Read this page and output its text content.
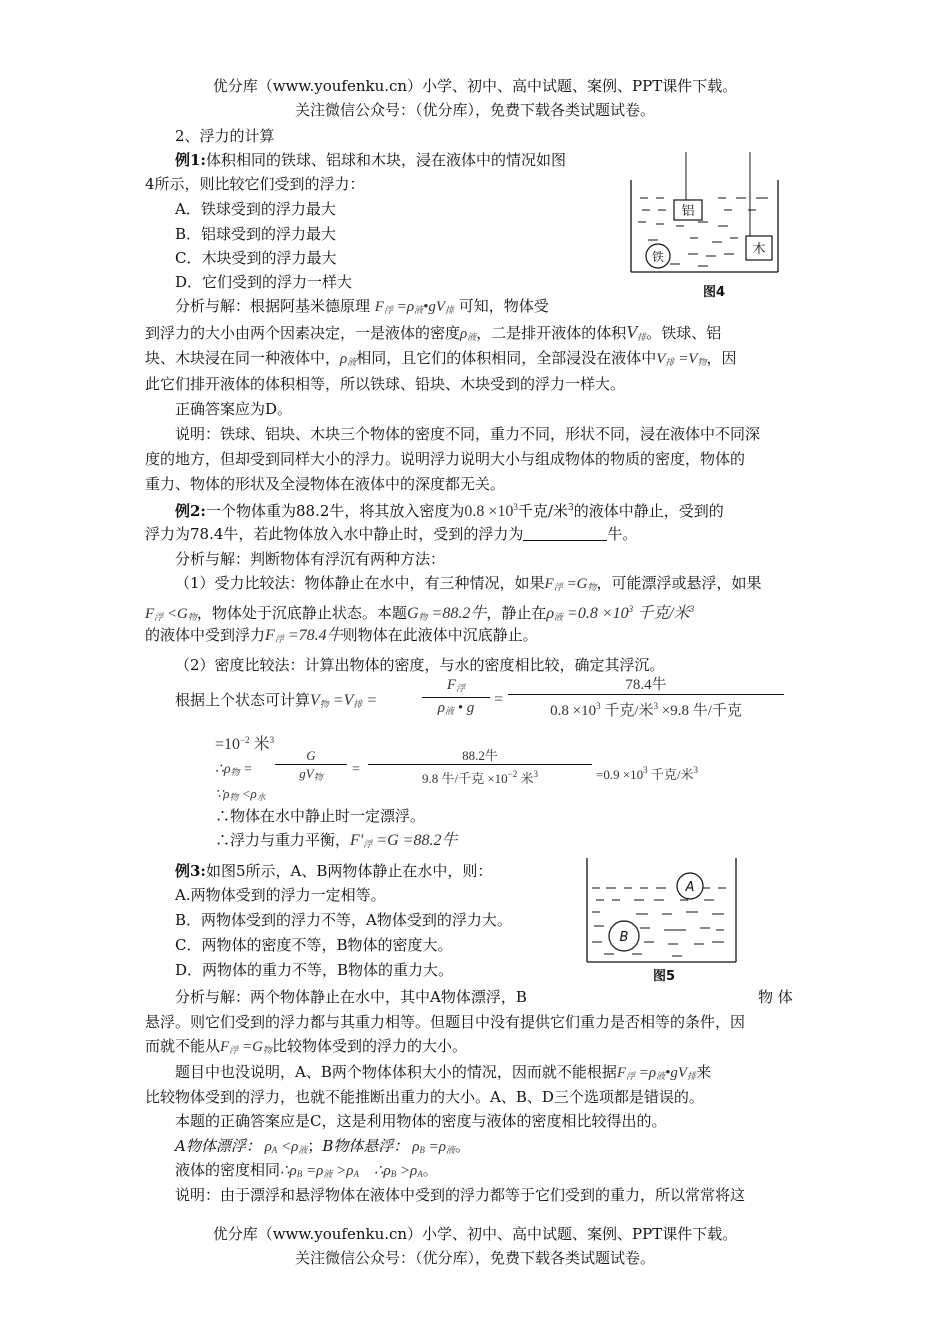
优分库（www.youfenku.cn）小学、初中、高中试题、案例、PPT课件下载。
关注微信公众号：（优分库），免费下载各类试题试卷。
2、浮力的计算
例1:体积相同的铁球、铝球和木块，浸在液体中的情况如图
4所示，则比较它们受到的浮力：
A．铁球受到的浮力最大
B．铝球受到的浮力最大
C．木块受到的浮力最大
D．它们受到的浮力一样大
铝
铁	木
图4
分析与解：根据阿基米德原理 $F_浮$ $=\rho_液•gV_排$ 可知，物体受
到浮力的大小由两个因素决定，一是液体的密度$\rho_液$，二是排开液体的体积$V_排$。铁球、铝
块、木块浸在同一种液体中，$\rho_液$相同，且它们的体积相同，全部浸没在液体中$V_排 =V_物$，因
此它们排开液体的体积相等，所以铁球、铅块、木块受到的浮力一样大。
正确答案应为D。
说明：铁球、铝块、木块三个物体的密度不同，重力不同，形状不同，浸在液体中不同深
度的地方，但却受到同样大小的浮力。说明浮力说明大小与组成物体的物质的密度，物体的
重力、物体的形状及全浸物体在液体中的深度都无关。
例2:一个物体重为88.2牛，将其放入密度为$0.8 \times 10^3$千克/米$^3$的液体中静止，受到的
浮力为78.4牛，若此物体放入水中静止时，受到的浮力为	牛。
分析与解：判断物体有浮沉有两种方法：
（1）受力比较法：物体静止在水中，有三种情况，如果$F_浮 =G_物$，可能漂浮或悬浮，如果
$F_浮 <G_物$，物体处于沉底静止状态。本题$G_物 =88.2$牛，静止在$\rho_液 =0.8 \times 10^3$ 千克/米$^3$
的液体中受到浮力$F_浮 =78.4$牛则物体在此液体中沉底静止。
（2）密度比较法：计算出物体的密度，与水的密度相比较，确定其浮沉。
根据上个状态可计算$V_物 =V_排$ =
$F_浮$
$\rho_液$ • g	=
78.4牛
$0.8 \times 10^3$ 千克/米$^3$ ×9.8 牛/千克
$=10^{-2}$ 米$^3$
$\therefore\rho_物$ =
G
$gV_物$	=
88.2牛
9.8 牛/千克 $\times 10^{-2}$ 米$^3$	$=0.9 \times 10^3$ 千克/米$^3$
$\because\rho_物 <\rho_水$
∴物体在水中静止时一定漂浮。
∴浮力与重力平衡，$F'_浮 =G =88.2$牛
例3:如图5所示，A、B两物体静止在水中，则：
A.两物体受到的浮力一定相等。
B．两物体受到的浮力不等，A物体受到的浮力大。
C．两物体的密度不等，B物体的密度大。
D．两物体的重力不等，B物体的重力大。
A
B
图5
分析与解：两个物体静止在水中，其中A物体漂浮，B	物 体
悬浮。则它们受到的浮力都与其重力相等。但题目中没有提供它们重力是否相等的条件，因
而就不能从$F_浮 =G_物$比较物体受到的浮力的大小。
题目中也没说明，A、B两个物体体积大小的情况，因而就不能根据$F_浮$ $=\rho_液•gV_排$来
比较物体受到的浮力，也就不能推断出重力的大小。A、B、D三个选项都是错误的。
本题的正确答案应是C，这是利用物体的密度与液体的密度相比较得出的。
A物体漂浮： $\rho_A <\rho_液$；B物体悬浮： $\rho_B =\rho_液$。
液体的密度相同$\therefore\rho_B =\rho_液 >\rho_A$    $\therefore\rho_B >\rho_A$。
说明：由于漂浮和悬浮物体在液体中受到的浮力都等于它们受到的重力，所以常常将这
优分库（www.youfenku.cn）小学、初中、高中试题、案例、PPT课件下载。
关注微信公众号：（优分库），免费下载各类试题试卷。
